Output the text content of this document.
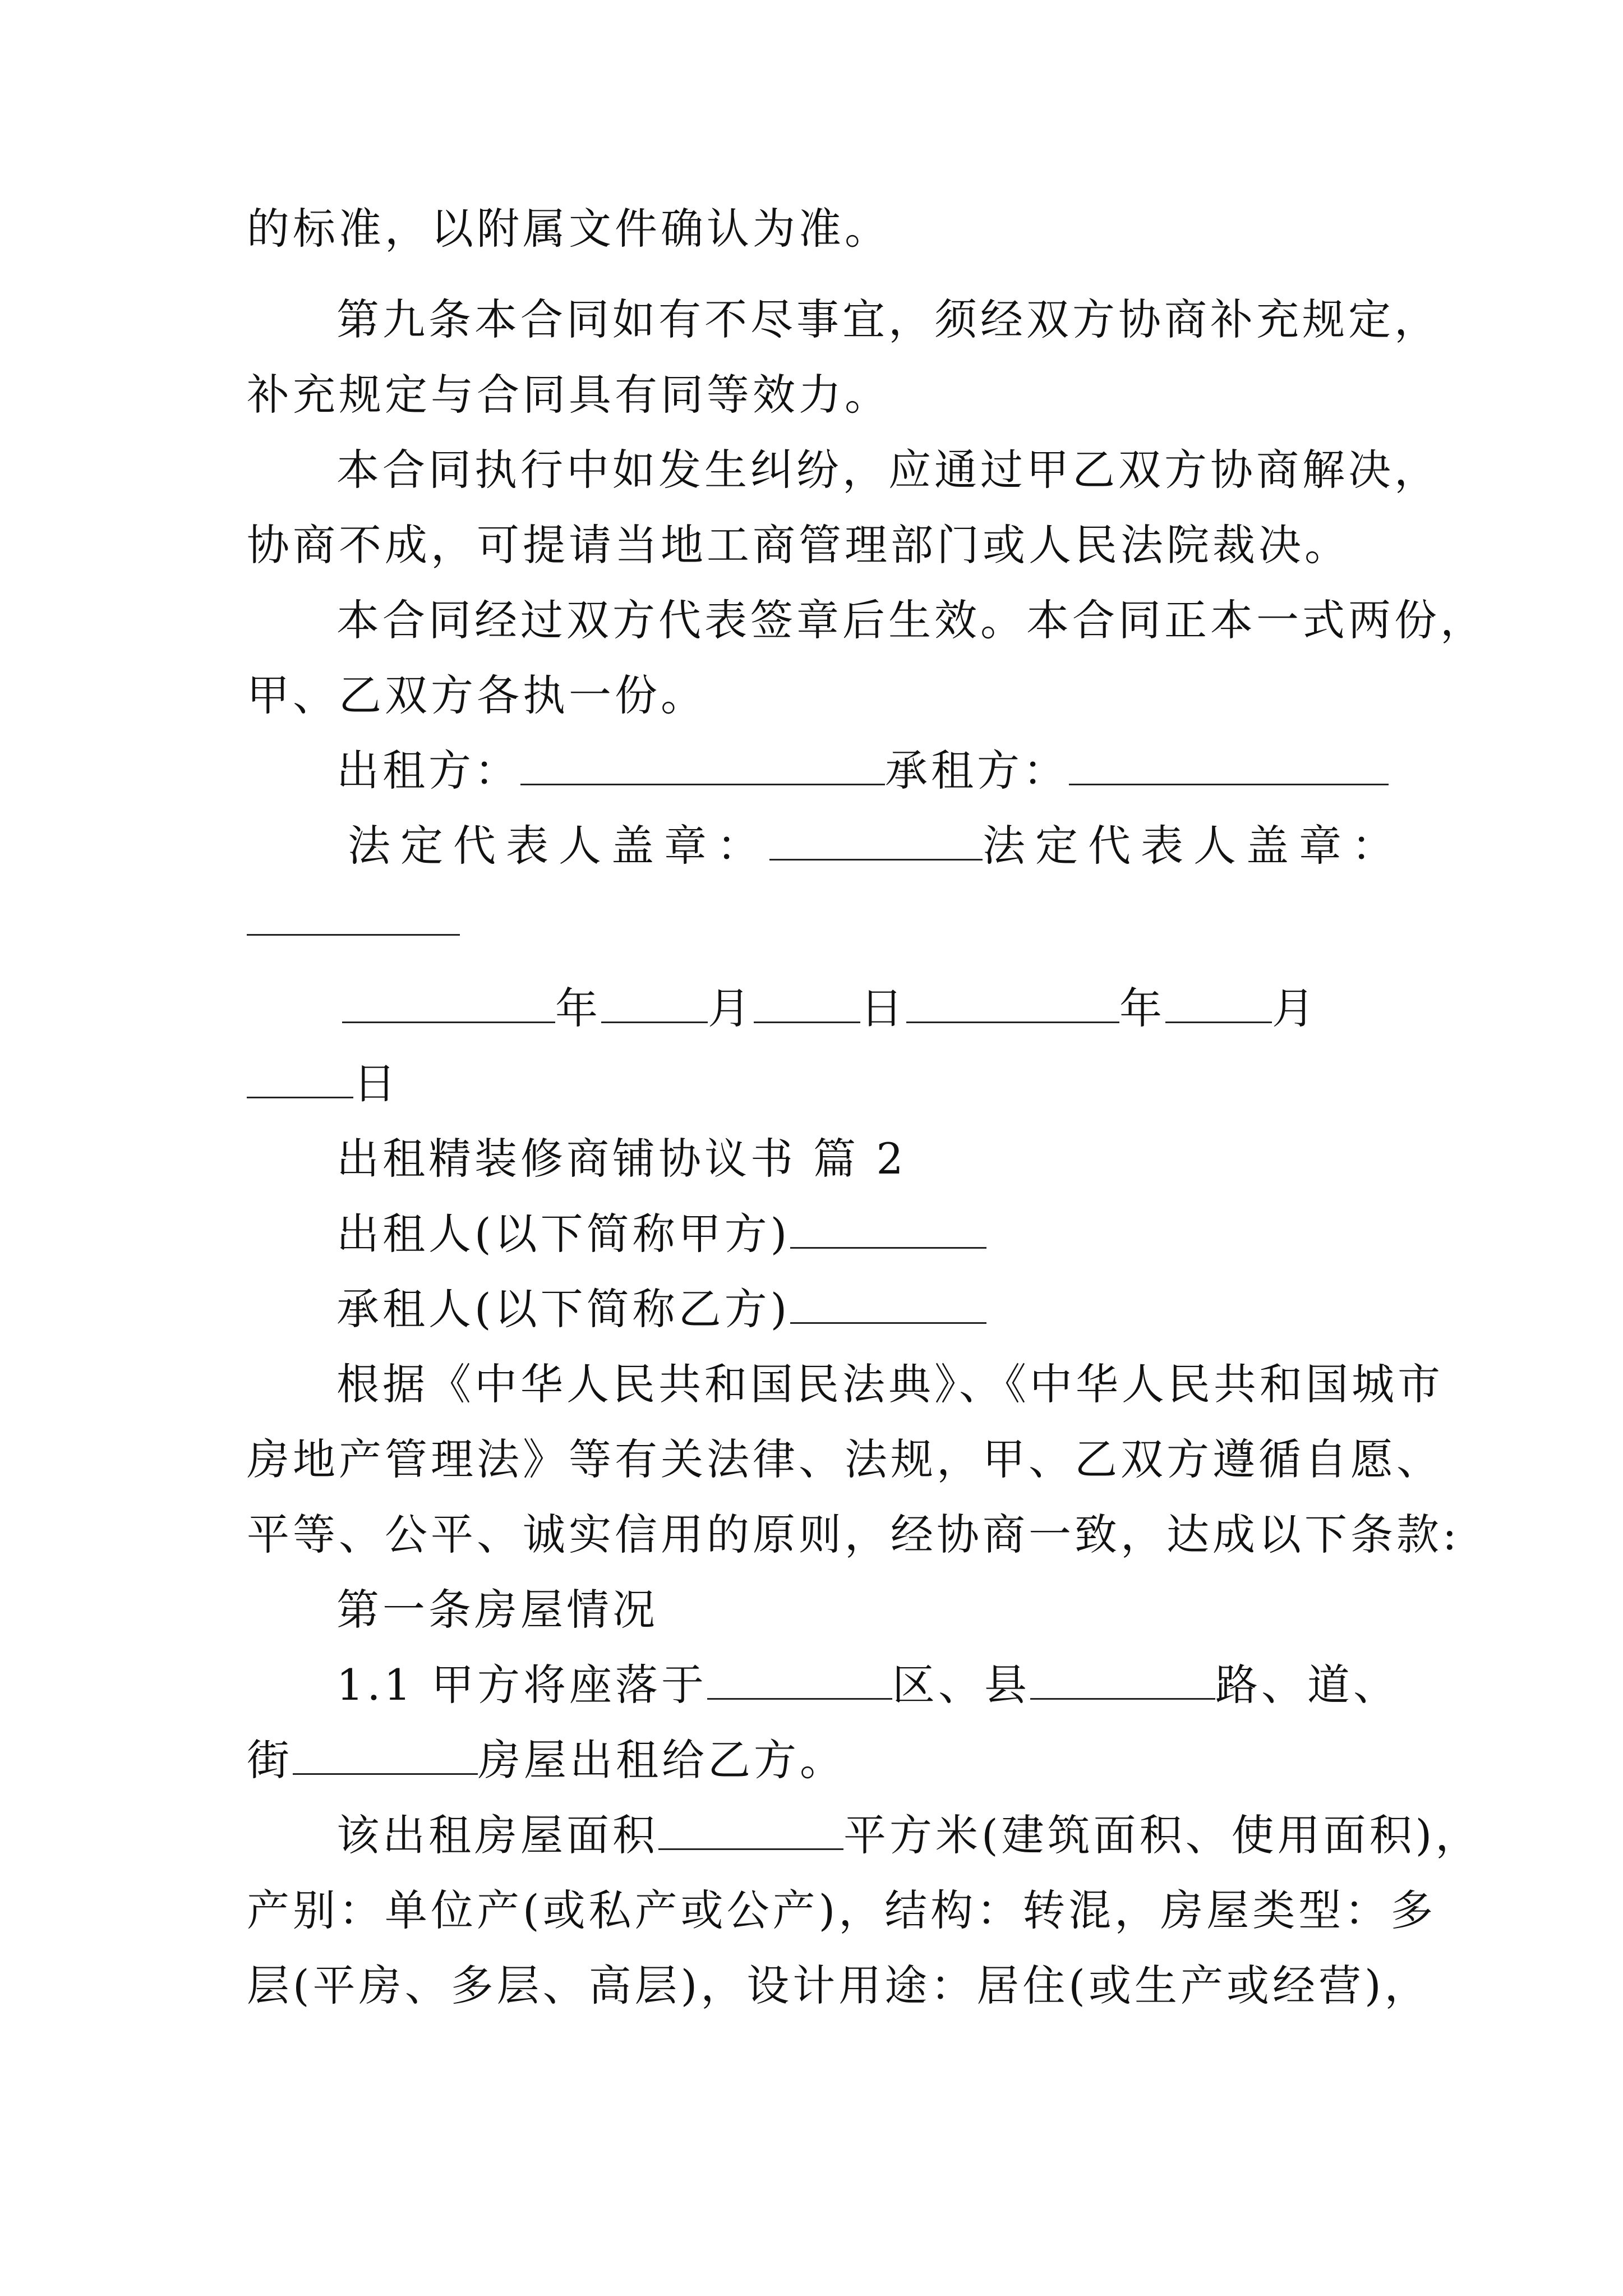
的标准，以附属文件确认为准。
第九条本合同如有不尽事宜，须经双方协商补充规定，
补充规定与合同具有同等效力。
本合同执行中如发生纠纷，应通过甲乙双方协商解决，
协商不成，可提请当地工商管理部门或人民法院裁决。
本合同经过双方代表签章后生效。本合同正本一式两份，
甲、乙双方各执一份。
出租方：	承租方：
法定代表人盖章：	法定代表人盖章：
年	月	日	年	月
日
出租精装修商铺协议书 篇 2
出租人(以下简称甲方)
承租人(以下简称乙方)
根据《中华人民共和国民法典》、《中华人民共和国城市
房地产管理法》等有关法律、法规，甲、乙双方遵循自愿、
平等、公平、诚实信用的原则，经协商一致，达成以下条款:
第一条房屋情况
1.1 甲方将座落于	区、县	路、道、
街	房屋出租给乙方。
该出租房屋面积	平方米(建筑面积、使用面积)，
产别：单位产(或私产或公产)，结构：转混，房屋类型：多
层(平房、多层、高层)，设计用途：居住(或生产或经营)，
